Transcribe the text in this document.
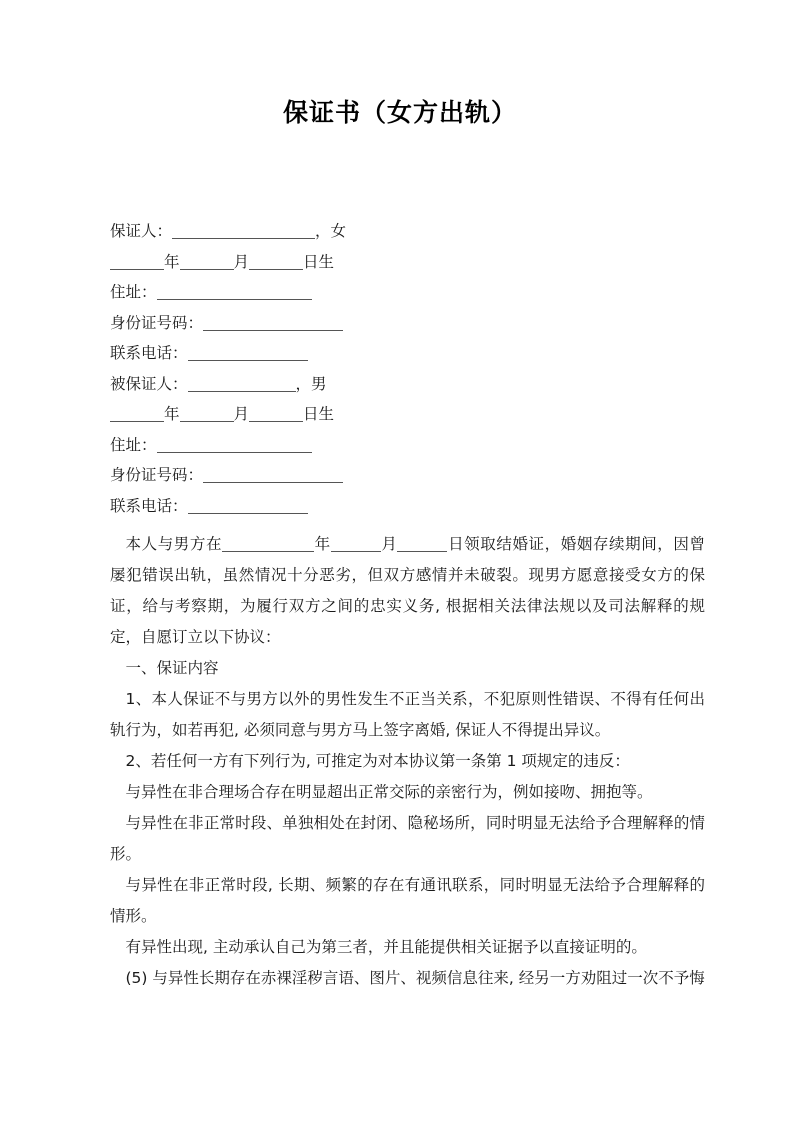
保证书（女方出轨）
保证人：	，女
年	月	日生
住址：
身份证号码：
联系电话：
被保证人：	，男
年	月	日生
住址：
身份证号码：
联系电话：

本人与男方在	年	月	日领取结婚证，婚姻存续期间，因曾屡犯错误出轨，虽然情况十分恶劣，但双方感情并未破裂。现男方愿意接受女方的保证，给与考察期，为履行双方之间的忠实义务, 根据相关法律法规以及司法解释的规定，自愿订立以下协议：

一、保证内容

1、本人保证不与男方以外的男性发生不正当关系，不犯原则性错误、不得有任何出轨行为，如若再犯, 必须同意与男方马上签字离婚, 保证人不得提出异议。

2、若任何一方有下列行为, 可推定为对本协议第一条第 1 项规定的违反：

与异性在非合理场合存在明显超出正常交际的亲密行为，例如接吻、拥抱等。

与异性在非正常时段、单独相处在封闭、隐秘场所，同时明显无法给予合理解释的情形。

与异性在非正常时段, 长期、频繁的存在有通讯联系，同时明显无法给予合理解释的情形。

有异性出现, 主动承认自己为第三者，并且能提供相关证据予以直接证明的。

(5) 与异性长期存在赤裸淫秽言语、图片、视频信息往来, 经另一方劝阻过一次不予悔
